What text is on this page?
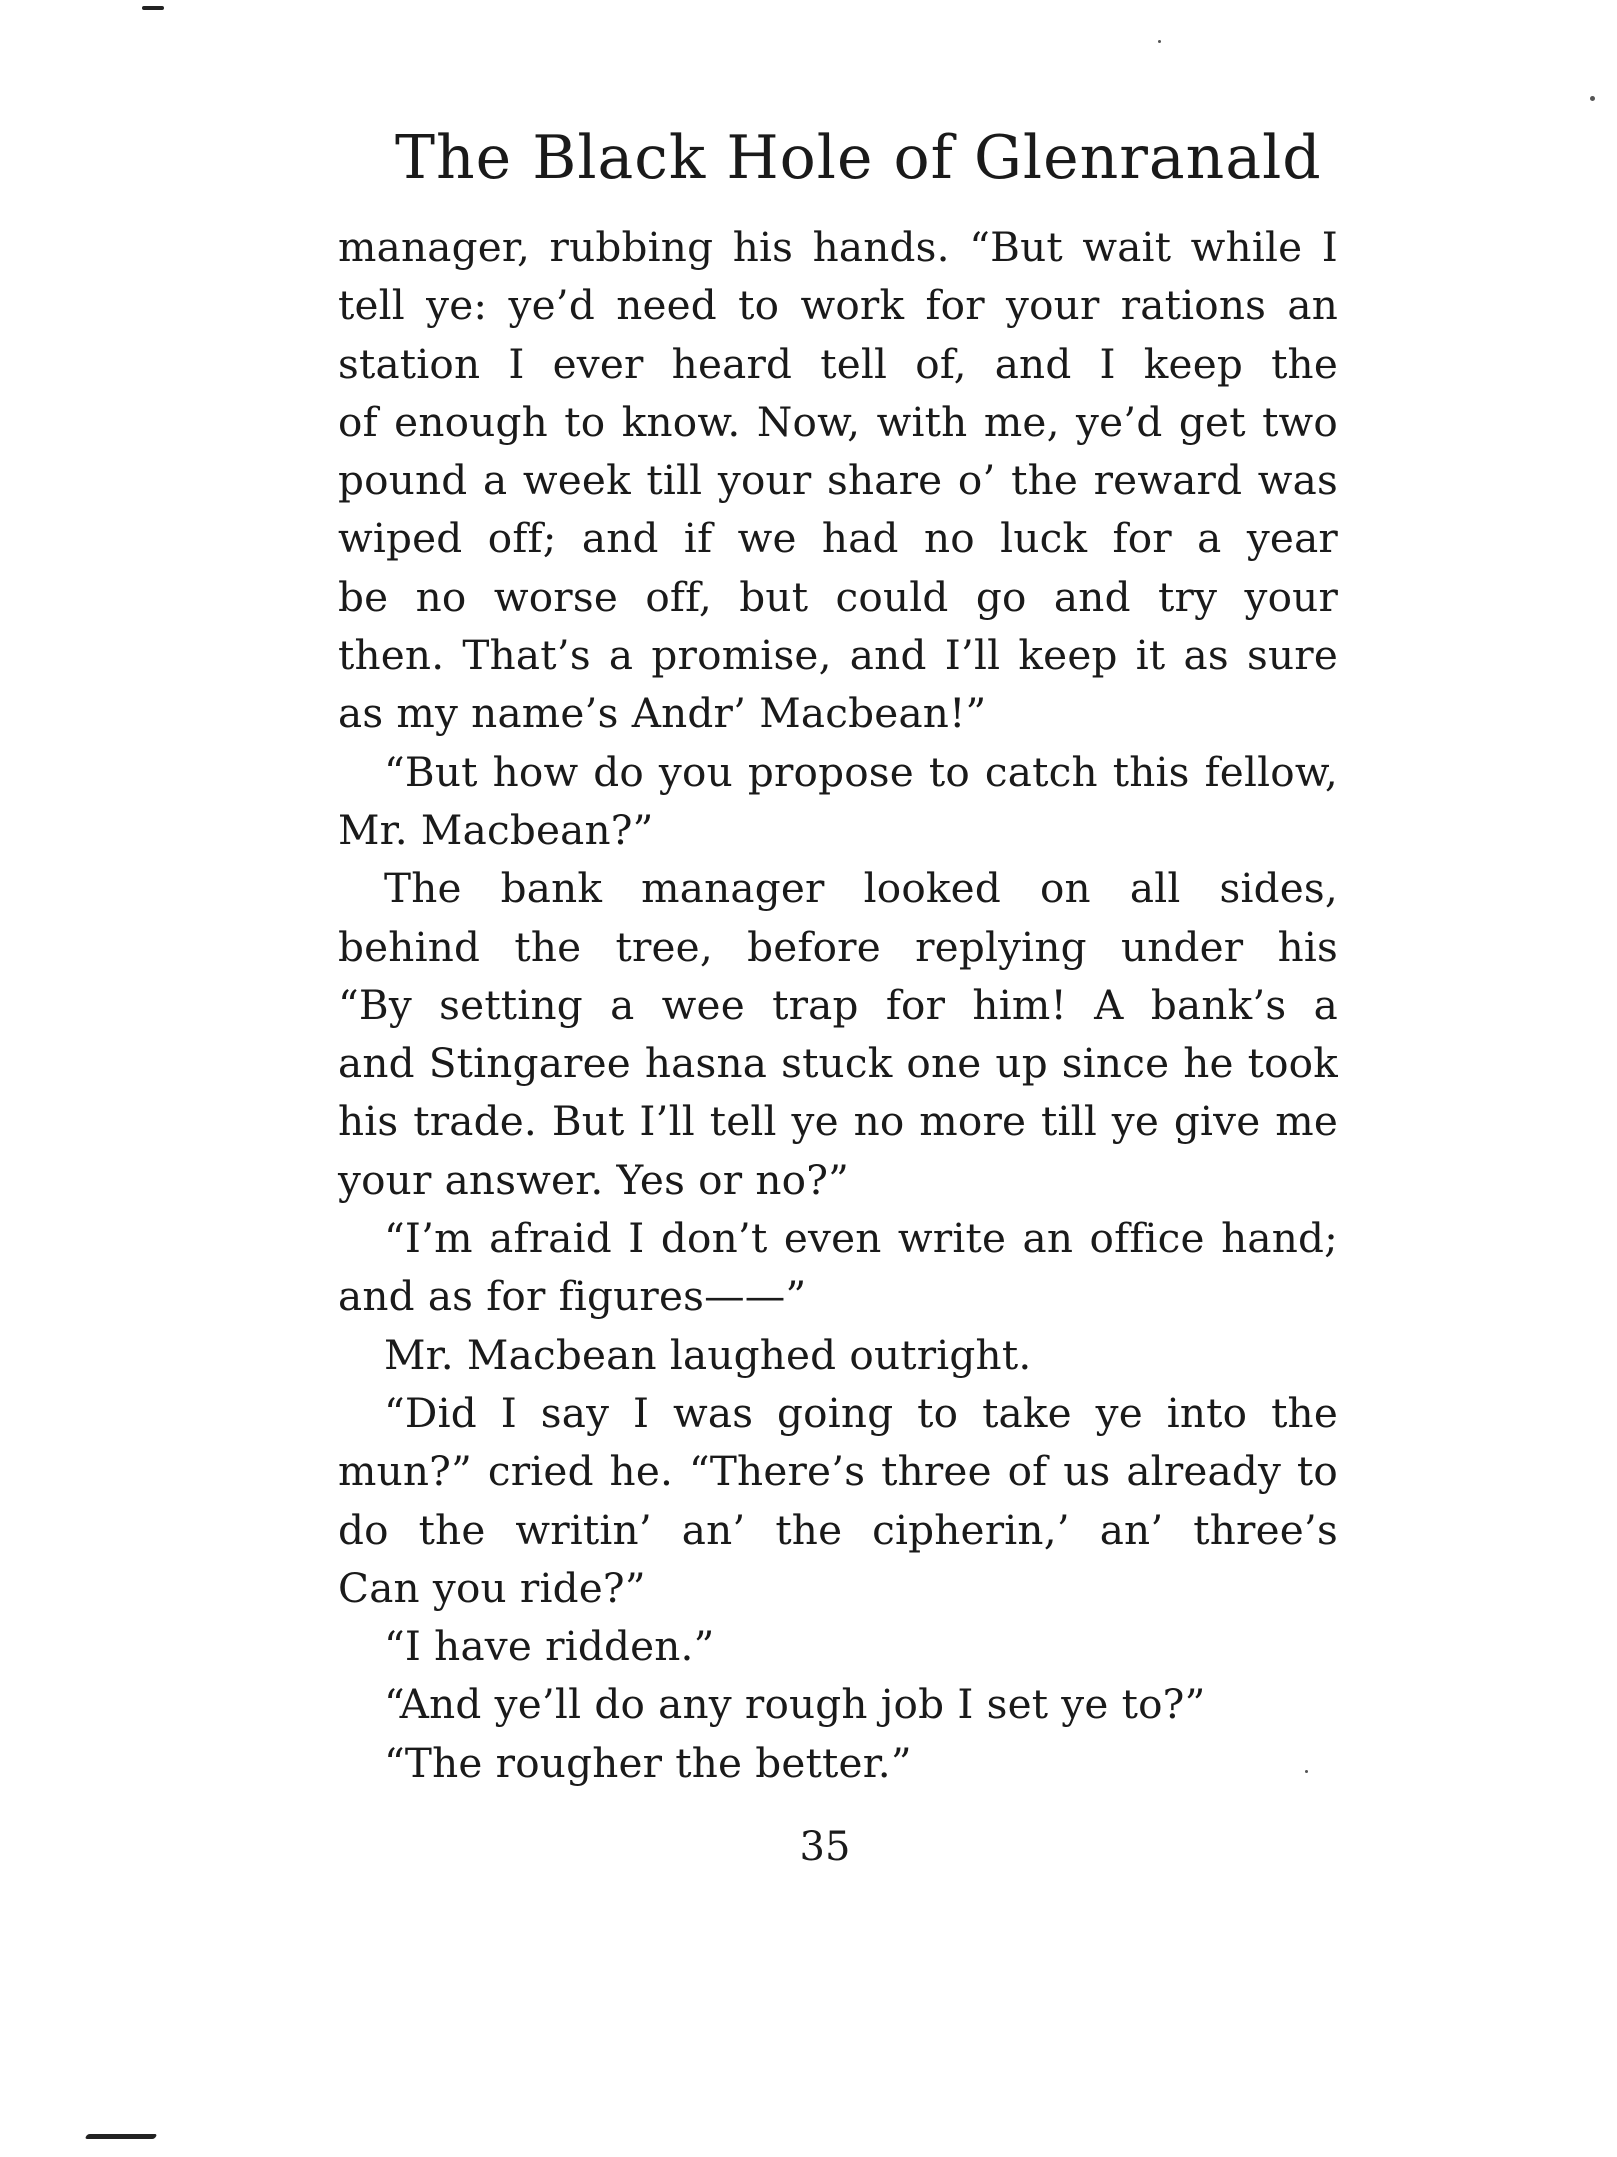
The Black Hole of Glenranald
manager, rubbing his hands. “But wait while I
tell ye: ye’d need to work for your rations an
station I ever heard tell of, and I keep the
of enough to know. Now, with me, ye’d get two
pound a week till your share o’ the reward was
wiped off; and if we had no luck for a year
be no worse off, but could go and try your
then. That’s a promise, and I’ll keep it as sure
as my name’s Andr’ Macbean!”
“But how do you propose to catch this fellow,
Mr. Macbean?”
The bank manager looked on all sides,
behind the tree, before replying under his
“By setting a wee trap for him! A bank’s a
and Stingaree hasna stuck one up since he took
his trade. But I’ll tell ye no more till ye give me
your answer. Yes or no?”
“I’m afraid I don’t even write an office hand;
and as for figures——”
Mr. Macbean laughed outright.
“Did I say I was going to take ye into the
mun?” cried he. “There’s three of us already to
do the writin’ an’ the cipherin,’ an’ three’s
Can you ride?”
“I have ridden.”
“And ye’ll do any rough job I set ye to?”
“The rougher the better.”
35
